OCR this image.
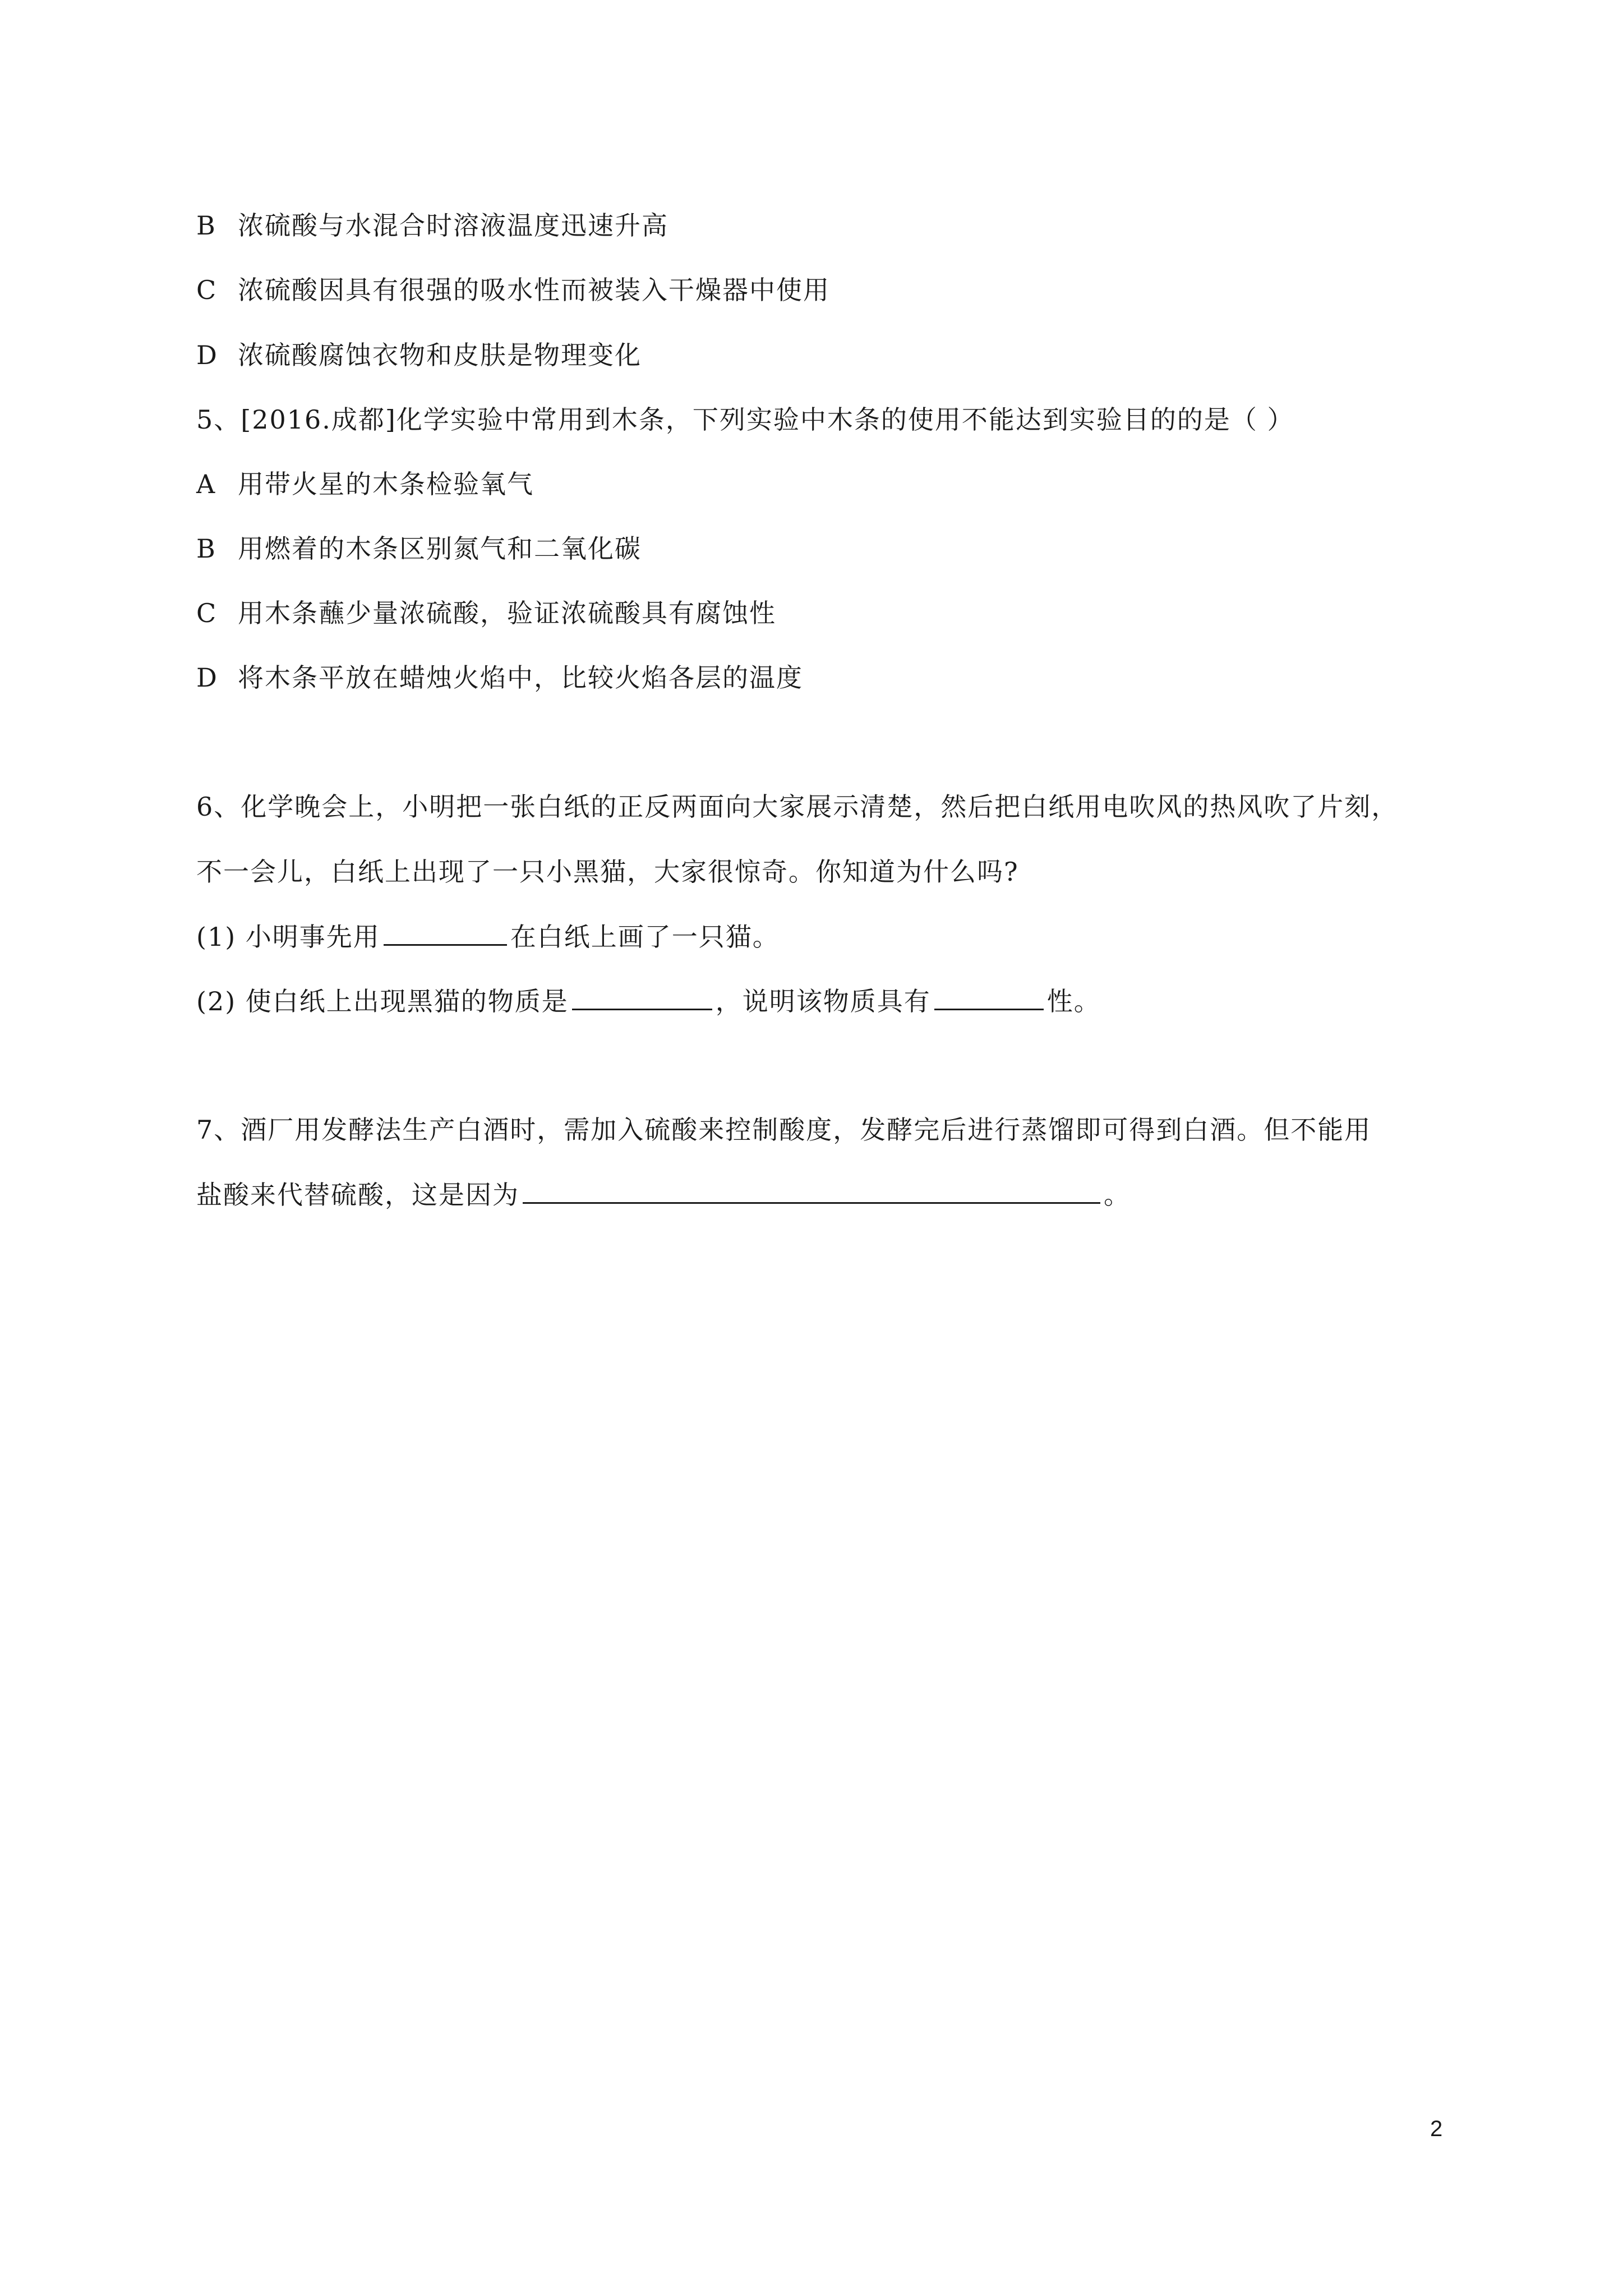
B 浓硫酸与水混合时溶液温度迅速升高
C 浓硫酸因具有很强的吸水性而被装入干燥器中使用
D 浓硫酸腐蚀衣物和皮肤是物理变化
5、[2016.成都]化学实验中常用到木条，下列实验中木条的使用不能达到实验目的的是（ ）
A 用带火星的木条检验氧气
B 用燃着的木条区别氮气和二氧化碳
C 用木条蘸少量浓硫酸，验证浓硫酸具有腐蚀性
D 将木条平放在蜡烛火焰中，比较火焰各层的温度
6、化学晚会上，小明把一张白纸的正反两面向大家展示清楚，然后把白纸用电吹风的热风吹了片刻，
不一会儿，白纸上出现了一只小黑猫，大家很惊奇。你知道为什么吗?
(1) 小明事先用	在白纸上画了一只猫。
(2) 使白纸上出现黑猫的物质是	，说明该物质具有	性。
7、酒厂用发酵法生产白酒时，需加入硫酸来控制酸度，发酵完后进行蒸馏即可得到白酒。但不能用
盐酸来代替硫酸，这是因为	。
2
